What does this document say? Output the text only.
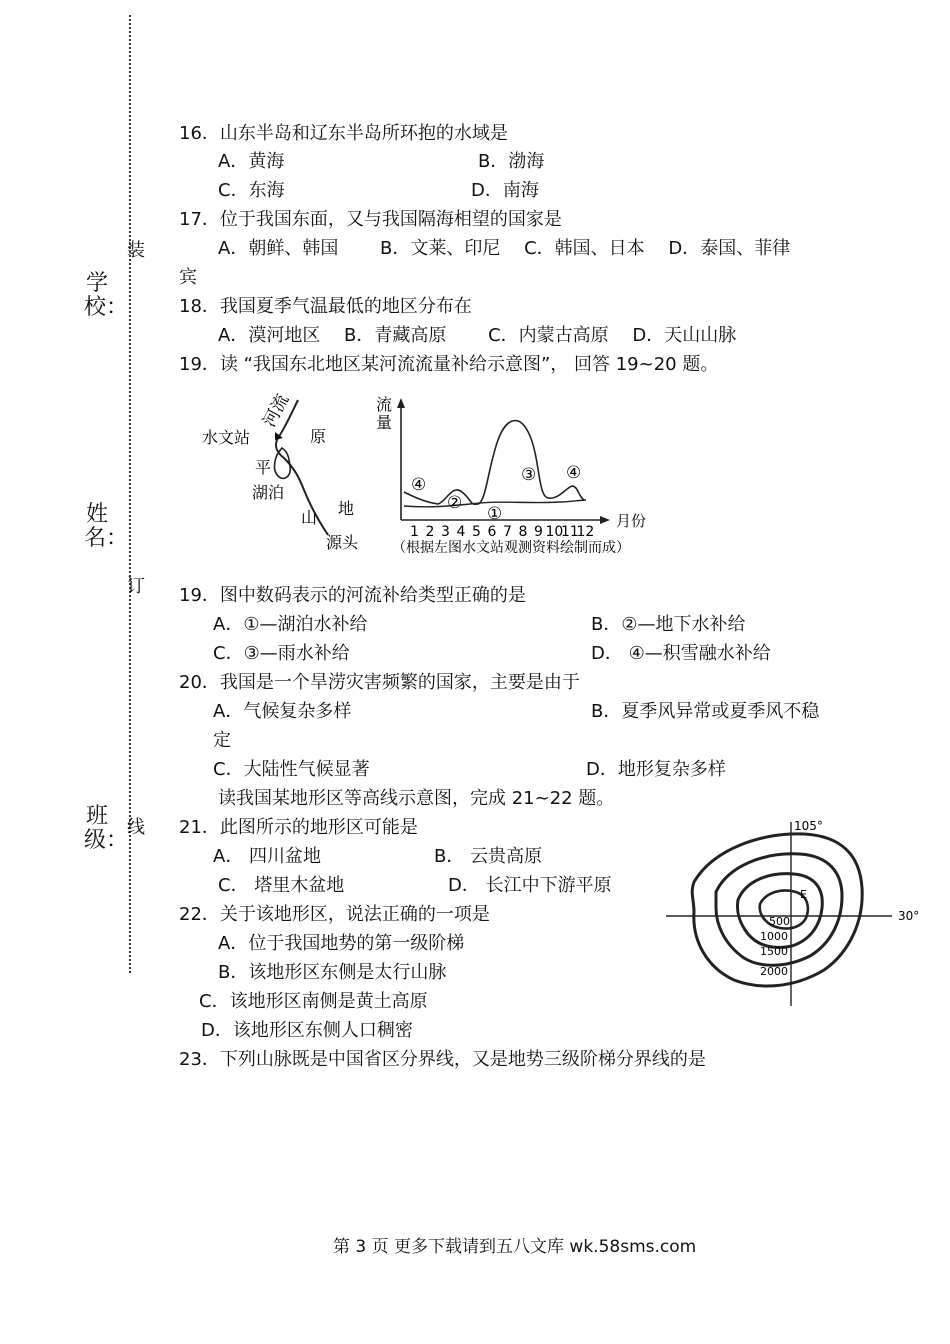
学校：
姓名：
班级：
装
订
线
16．山东半岛和辽东半岛所环抱的水域是
A．黄海	B．渤海
C．东海	D．南海
17．位于我国东面，又与我国隔海相望的国家是
A．朝鲜、韩国　　 B．文莱、印尼　 C．韩国、日本　 D．泰国、菲律
宾
18．我国夏季气温最低的地区分布在
A．漠河地区　 B．青藏高原　　 C．内蒙古高原　 D．天山山脉
19．读 “我国东北地区某河流流量补给示意图”， 回答 19~20 题。
河流
水文站	原
平
湖泊
地
山
源头
流
量
④
②
①
③ ④
1 2 3 4 5 6 7 8 9 10
11
12
月份
（根据左图水文站观测资料绘制而成）
19．图中数码表示的河流补给类型正确的是
A．①—湖泊水补给	B．②—地下水补给
C．③—雨水补给	D． ④—积雪融水补给
20．我国是一个旱涝灾害频繁的国家，主要是由于
A．气候复杂多样	B．夏季风异常或夏季风不稳
定
C．大陆性气候显著	D．地形复杂多样
读我国某地形区等高线示意图，完成 21~22 题。
21．此图所示的地形区可能是
A． 四川盆地	B． 云贵高原
C． 塔里木盆地	D． 长江中下游平原
105°
30°
E
500
1000
1500
2000
22．关于该地形区，说法正确的一项是
A．位于我国地势的第一级阶梯
B．该地形区东侧是太行山脉
C．该地形区南侧是黄土高原
D．该地形区东侧人口稠密
23．下列山脉既是中国省区分界线，又是地势三级阶梯分界线的是
第 3 页 更多下载请到五八文库 wk.58sms.com
